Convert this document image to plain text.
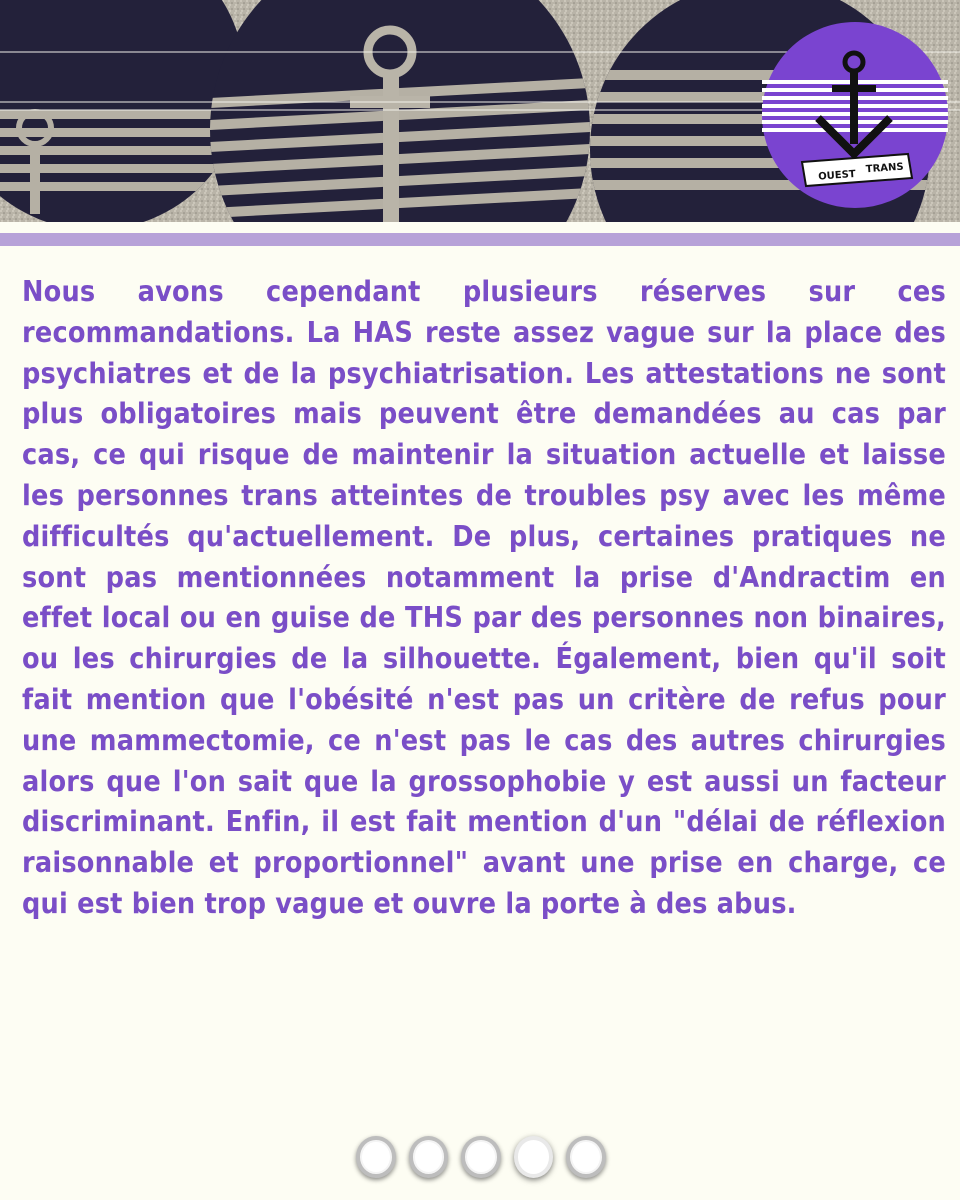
OUEST
TRANS
Nous avons cependant plusieurs réserves sur ces recommandations. La HAS reste assez vague sur la place des psychiatres et de la psychiatrisation. Les attestations ne sont plus obligatoires mais peuvent être demandées au cas par cas, ce qui risque de maintenir la situation actuelle et laisse les personnes trans atteintes de troubles psy avec les même difficultés qu'actuellement. De plus, certaines pratiques ne sont pas mentionnées notamment la prise d'Andractim en effet local ou en guise de THS par des personnes non binaires, ou les chirurgies de la silhouette. Également, bien qu'il soit fait mention que l'obésité n'est pas un critère de refus pour une mammectomie, ce n'est pas le cas des autres chirurgies alors que l'on sait que la grossophobie y est aussi un facteur discriminant. Enfin, il est fait mention d'un "délai de réflexion raisonnable et proportionnel" avant une prise en charge, ce qui est bien trop vague et ouvre la porte à des abus.
